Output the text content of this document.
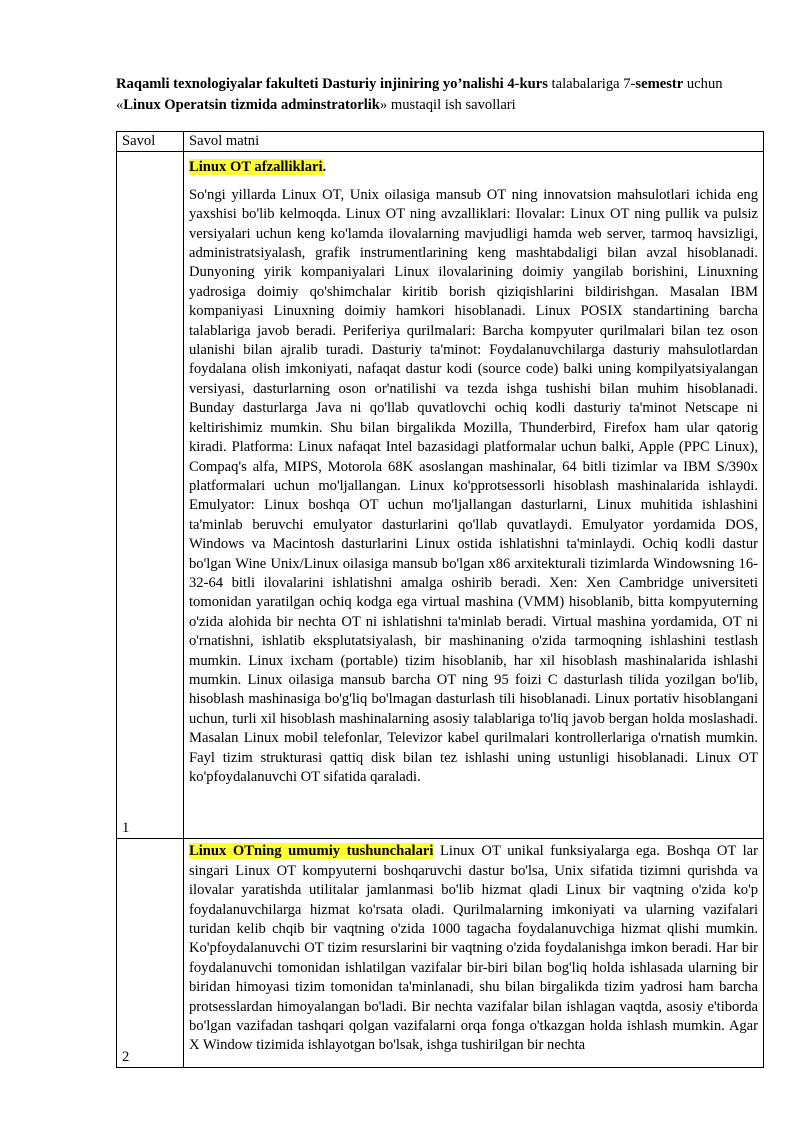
Raqamli texnologiyalar fakulteti Dasturiy injiniring yo’nalishi 4-kurs talabalariga 7-semestr uchun «Linux Operatsin tizmida adminstratorlik» mustaqil ish savollari

Savol	Savol matni
1	Linux OT afzalliklari.

So'ngi yillarda Linux OT, Unix oilasiga mansub OT ning innovatsion mahsulotlari ichida eng yaxshisi bo'lib kelmoqda. Linux OT ning avzalliklari: Ilovalar: Linux OT ning pullik va pulsiz versiyalari uchun keng ko'lamda ilovalarning mavjudligi hamda web server, tarmoq havsizligi, administratsiyalash, grafik instrumentlarining keng mashtabdaligi bilan avzal hisoblanadi. Dunyoning yirik kompaniyalari Linux ilovalarining doimiy yangilab borishini, Linuxning yadrosiga doimiy qo'shimchalar kiritib borish qiziqishlarini bildirishgan. Masalan IBM kompaniyasi Linuxning doimiy hamkori hisoblanadi. Linux POSIX standartining barcha talablariga javob beradi. Periferiya qurilmalari: Barcha kompyuter qurilmalari bilan tez oson ulanishi bilan ajralib turadi. Dasturiy ta'minot: Foydalanuvchilarga dasturiy mahsulotlardan foydalana olish imkoniyati, nafaqat dastur kodi (source code) balki uning kompilyatsiyalangan versiyasi, dasturlarning oson or'natilishi va tezda ishga tushishi bilan muhim hisoblanadi. Bunday dasturlarga Java ni qo'llab quvatlovchi ochiq kodli dasturiy ta'minot Netscape ni keltirishimiz mumkin. Shu bilan birgalikda Mozilla, Thunderbird, Firefox ham ular qatorig kiradi. Platforma: Linux nafaqat Intel bazasidagi platformalar uchun balki, Apple (PPC Linux), Compaq's alfa, MIPS, Motorola 68K asoslangan mashinalar, 64 bitli tizimlar va IBM S/390x platformalari uchun mo'ljallangan. Linux ko'pprotsessorli hisoblash mashinalarida ishlaydi. Emulyator: Linux boshqa OT uchun mo'ljallangan dasturlarni, Linux muhitida ishlashini ta'minlab beruvchi emulyator dasturlarini qo'llab quvatlaydi. Emulyator yordamida DOS, Windows va Macintosh dasturlarini Linux ostida ishlatishni ta'minlaydi. Ochiq kodli dastur bo'lgan Wine Unix/Linux oilasiga mansub bo'lgan x86 arxitekturali tizimlarda Windowsning 16-32-64 bitli ilovalarini ishlatishni amalga oshirib beradi. Xen: Xen Cambridge universiteti tomonidan yaratilgan ochiq kodga ega virtual mashina (VMM) hisoblanib, bitta kompyuterning o'zida alohida bir nechta OT ni ishlatishni ta'minlab beradi. Virtual mashina yordamida, OT ni o'rnatishni, ishlatib eksplutatsiyalash, bir mashinaning o'zida tarmoqning ishlashini testlash mumkin. Linux ixcham (portable) tizim hisoblanib, har xil hisoblash mashinalarida ishlashi mumkin. Linux oilasiga mansub barcha OT ning 95 foizi C dasturlash tilida yozilgan bo'lib, hisoblash mashinasiga bo'g'liq bo'lmagan dasturlash tili hisoblanadi. Linux portativ hisoblangani uchun, turli xil hisoblash mashinalarning asosiy talablariga to'liq javob bergan holda moslashadi. Masalan Linux mobil telefonlar, Televizor kabel qurilmalari kontrollerlariga o'rnatish mumkin. Fayl tizim strukturasi qattiq disk bilan tez ishlashi uning ustunligi hisoblanadi. Linux OT ko'pfoydalanuvchi OT sifatida qaraladi.

2	Linux OTning umumiy tushunchalari Linux OT unikal funksiyalarga ega. Boshqa OT lar singari Linux OT kompyuterni boshqaruvchi dastur bo'lsa, Unix sifatida tizimni qurishda va ilovalar yaratishda utilitalar jamlanmasi bo'lib hizmat qladi Linux bir vaqtning o'zida ko'p foydalanuvchilarga hizmat ko'rsata oladi. Qurilmalarning imkoniyati va ularning vazifalari turidan kelib chqib bir vaqtning o'zida 1000 tagacha foydalanuvchiga hizmat qlishi mumkin. Ko'pfoydalanuvchi OT tizim resurslarini bir vaqtning o'zida foydalanishga imkon beradi. Har bir foydalanuvchi tomonidan ishlatilgan vazifalar bir-biri bilan bog'liq holda ishlasada ularning bir biridan himoyasi tizim tomonidan ta'minlanadi, shu bilan birgalikda tizim yadrosi ham barcha protsesslardan himoyalangan bo'ladi. Bir nechta vazifalar bilan ishlagan vaqtda, asosiy e'tiborda bo'lgan vazifadan tashqari qolgan vazifalarni orqa fonga o'tkazgan holda ishlash mumkin. Agar X Window tizimida ishlayotgan bo'lsak, ishga tushirilgan bir nechta
